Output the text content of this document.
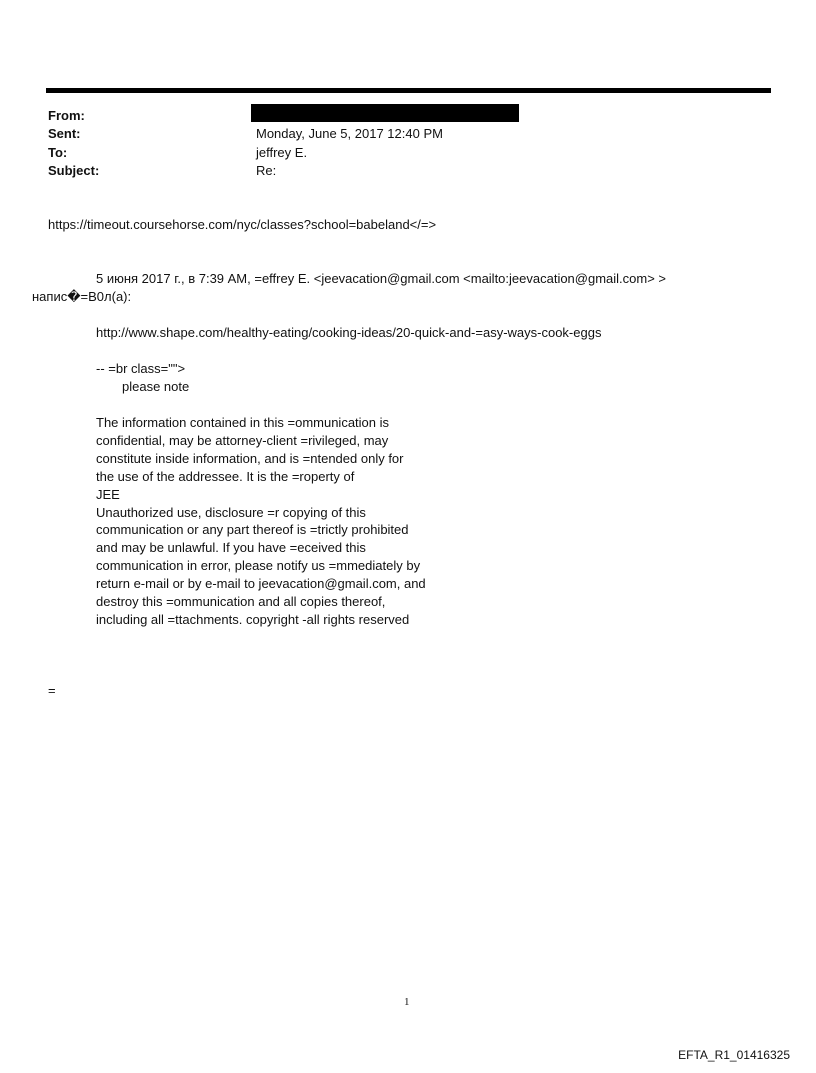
From:
Sent:	Monday, June 5, 2017 12:40 PM
To:	jeffrey E.
Subject:	Re:
https://timeout.coursehorse.com/nyc/classes?school=babeland</=>
5 июня 2017 г., в 7:39 AM, =effrey E. <jeevacation@gmail.com <mailto:jeevacation@gmail.com> >
напис�=B0л(а):
http://www.shape.com/healthy-eating/cooking-ideas/20-quick-and-=asy-ways-cook-eggs
-- =br class="">
please note
The information contained in this =ommunication is
confidential, may be attorney-client =rivileged, may
constitute inside information, and is =ntended only for
the use of the addressee. It is the =roperty of
JEE
Unauthorized use, disclosure =r copying of this
communication or any part thereof is =trictly prohibited
and may be unlawful. If you have =eceived this
communication in error, please notify us =mmediately by
return e-mail or by e-mail to jeevacation@gmail.com, and
destroy this =ommunication and all copies thereof,
including all =ttachments. copyright -all rights reserved
=
1
EFTA_R1_01416325
